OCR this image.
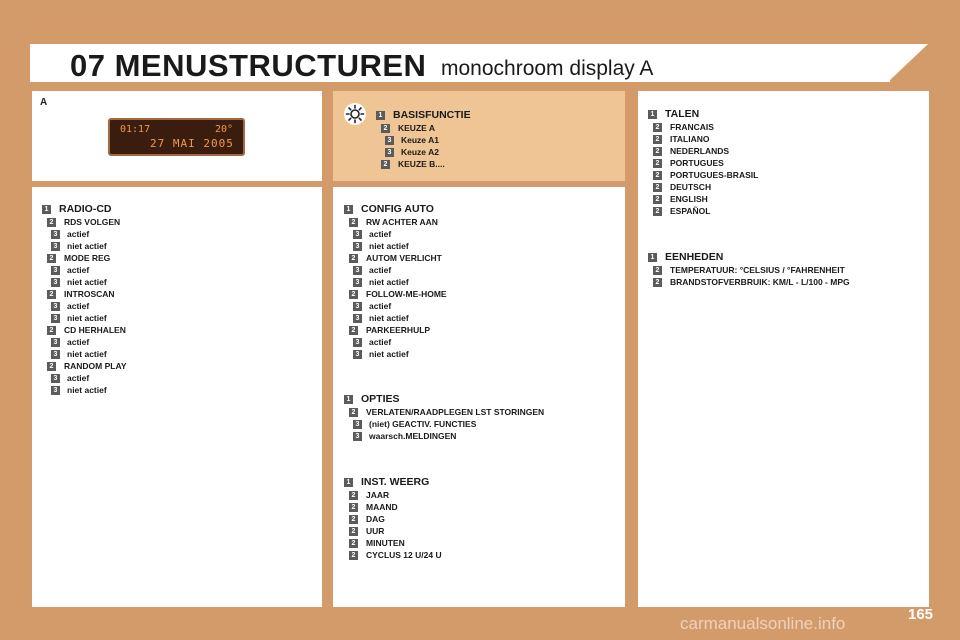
07 MENUSTRUCTUREN monochroom display A
A
01:17	20°
27 MAI 2005
165
carmanualsonline.info
1 BASISFUNCTIE
2 KEUZE A
3 Keuze A1
3 Keuze A2
2 KEUZE B....
1 RADIO-CD
2 RDS VOLGEN
3 actief
3 niet actief
2 MODE REG
3 actief
3 niet actief
2 INTROSCAN
3 actief
3 niet actief
2 CD HERHALEN
3 actief
3 niet actief
2 RANDOM PLAY
3 actief
3 niet actief
1 CONFIG AUTO
2 RW ACHTER AAN
3 actief
3 niet actief
2 AUTOM VERLICHT
3 actief
3 niet actief
2 FOLLOW-ME-HOME
3 actief
3 niet actief
2 PARKEERHULP
3 actief
3 niet actief
1 OPTIES
2 VERLATEN/RAADPLEGEN LST STORINGEN
3 (niet) GEACTIV. FUNCTIES
3 waarsch.MELDINGEN
1 INST. WEERG
2 JAAR
2 MAAND
2 DAG
2 UUR
2 MINUTEN
2 CYCLUS 12 U/24 U
1 TALEN
2 FRANCAIS
2 ITALIANO
2 NEDERLANDS
2 PORTUGUES
2 PORTUGUES-BRASIL
2 DEUTSCH
2 ENGLISH
2 ESPAÑOL
1 EENHEDEN
2 TEMPERATUUR: °CELSIUS / °FAHRENHEIT
2 BRANDSTOFVERBRUIK: KM/L - L/100 - MPG
